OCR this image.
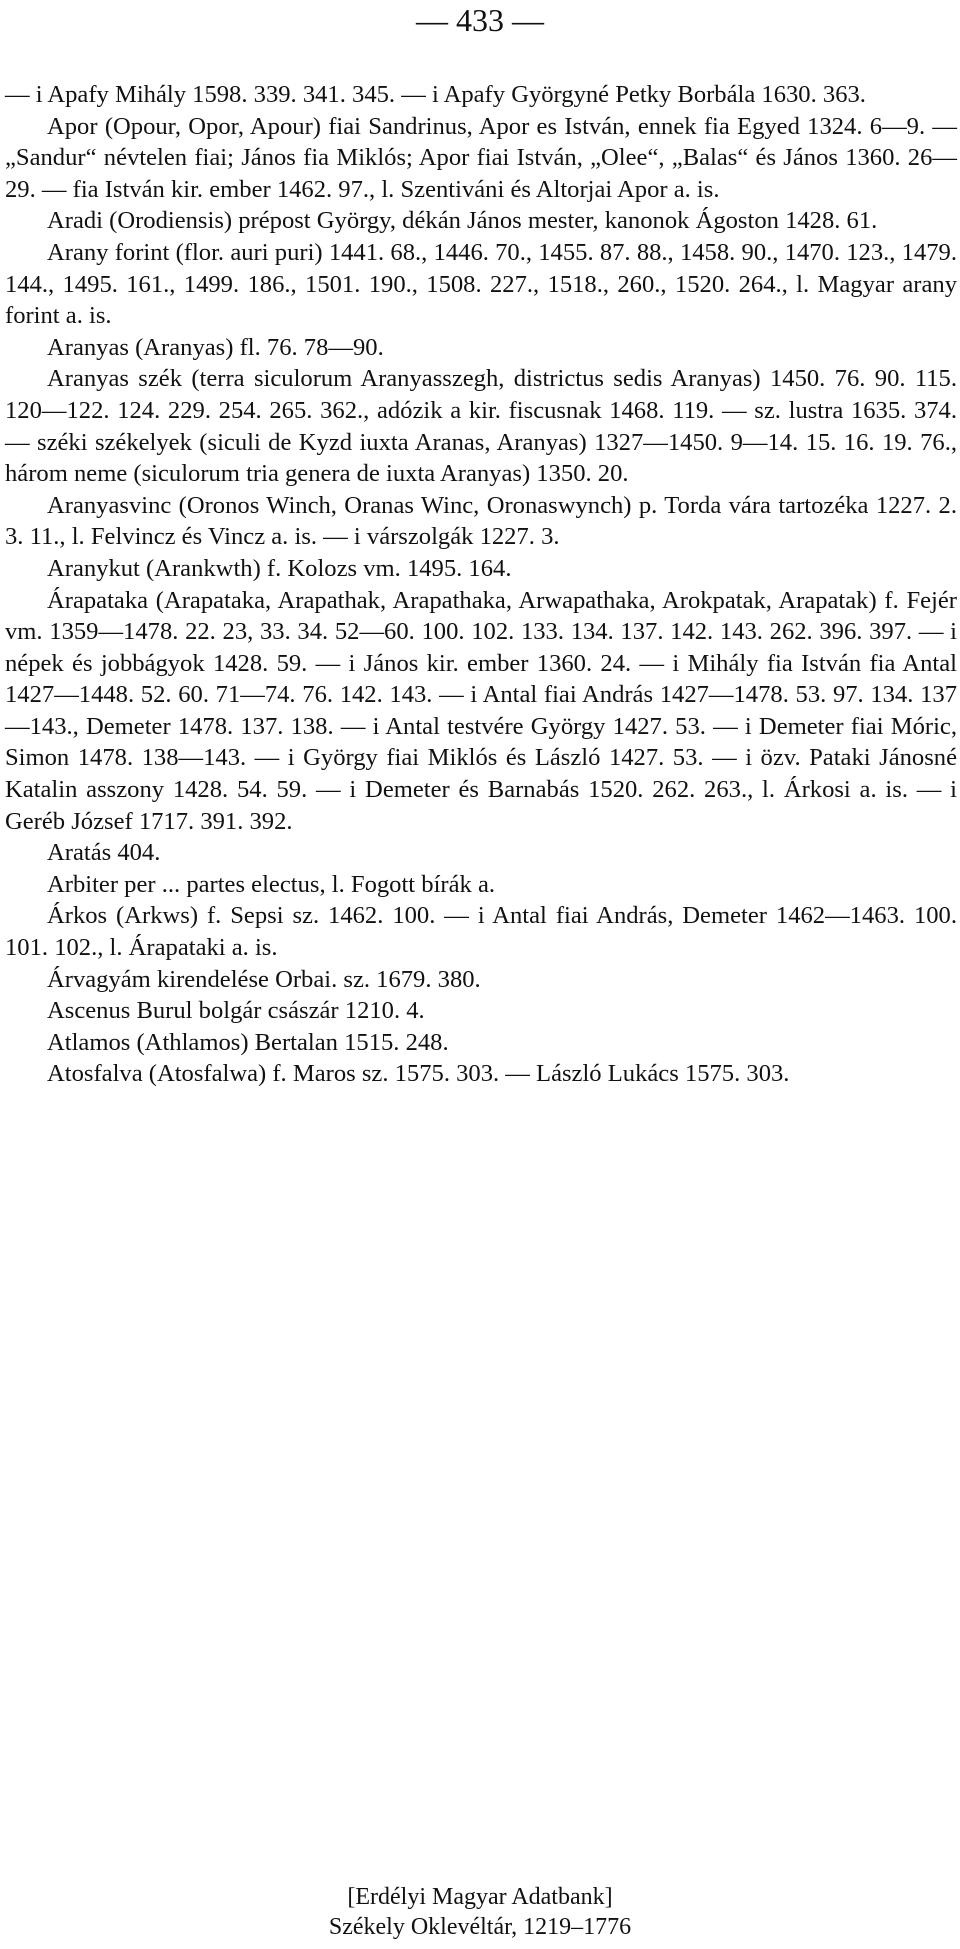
— 433 —

— i Apafy Mihály 1598. 339. 341. 345. — i Apafy Györgyné Petky Borbála 1630. 363.

Apor (Opour, Opor, Apour) fiai Sandrinus, Apor es István, ennek fia Egyed 1324. 6—9. — „Sandur“ névtelen fiai; János fia Miklós; Apor fiai István, „Olee“, „Balas“ és János 1360. 26—29. — fia István kir. ember 1462. 97., l. Szentiváni és Altorjai Apor a. is.

Aradi (Orodiensis) prépost György, dékán János mester, kanonok Ágoston 1428. 61.

Arany forint (flor. auri puri) 1441. 68., 1446. 70., 1455. 87. 88., 1458. 90., 1470. 123., 1479. 144., 1495. 161., 1499. 186., 1501. 190., 1508. 227., 1518., 260., 1520. 264., l. Magyar arany forint a. is.

Aranyas (Aranyas) fl. 76. 78—90.

Aranyas szék (terra siculorum Aranyasszegh, districtus sedis Aranyas) 1450. 76. 90. 115. 120—122. 124. 229. 254. 265. 362., adózik a kir. fiscusnak 1468. 119. — sz. lustra 1635. 374. — széki székelyek (siculi de Kyzd iuxta Aranas, Aranyas) 1327—1450. 9—14. 15. 16. 19. 76., három neme (siculorum tria genera de iuxta Aranyas) 1350. 20.

Aranyasvinc (Oronos Winch, Oranas Winc, Oronaswynch) p. Torda vára tartozéka 1227. 2. 3. 11., l. Felvincz és Vincz a. is. — i várszolgák 1227. 3.

Aranykut (Arankwth) f. Kolozs vm. 1495. 164.

Árapataka (Arapataka, Arapathak, Arapathaka, Arwapathaka, Arokpatak, Arapatak) f. Fejér vm. 1359—1478. 22. 23, 33. 34. 52—60. 100. 102. 133. 134. 137. 142. 143. 262. 396. 397. — i népek és jobbágyok 1428. 59. — i János kir. ember 1360. 24. — i Mihály fia István fia Antal 1427—1448. 52. 60. 71—74. 76. 142. 143. — i Antal fiai András 1427—1478. 53. 97. 134. 137—143., Demeter 1478. 137. 138. — i Antal testvére György 1427. 53. — i Demeter fiai Móric, Simon 1478. 138—143. — i György fiai Miklós és László 1427. 53. — i özv. Pataki Jánosné Katalin asszony 1428. 54. 59. — i Demeter és Barnabás 1520. 262. 263., l. Árkosi a. is. — i Geréb József 1717. 391. 392.

Aratás 404.

Arbiter per ... partes electus, l. Fogott bírák a.

Árkos (Arkws) f. Sepsi sz. 1462. 100. — i Antal fiai András, Demeter 1462—1463. 100. 101. 102., l. Árapataki a. is.

Árvagyám kirendelése Orbai. sz. 1679. 380.

Ascenus Burul bolgár császár 1210. 4.

Atlamos (Athlamos) Bertalan 1515. 248.

Atosfalva (Atosfalwa) f. Maros sz. 1575. 303. — László Lukács 1575. 303.

[Erdélyi Magyar Adatbank]
Székely Oklevéltár, 1219–1776
